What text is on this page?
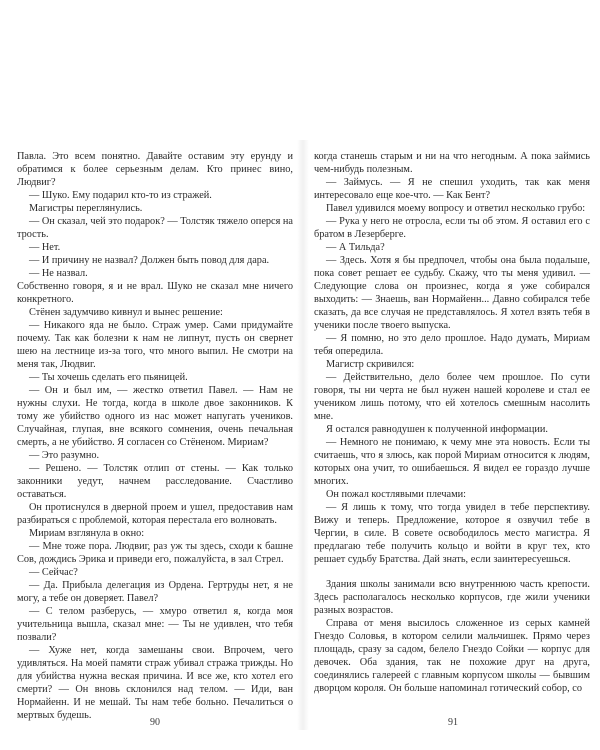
Павла. Это всем понятно. Давайте оставим эту ерунду и обратимся к более серьезным делам. Кто принес вино, Людвиг?

— Шуко. Ему подарил кто-то из стражей.

Магистры переглянулись.

— Он сказал, чей это подарок? — Толстяк тяжело оперся на трость.

— Нет.

— И причину не назвал? Должен быть повод для дара.

— Не назвал.

Собственно говоря, я и не врал. Шуко не сказал мне ничего конкретного.

Стёнен задумчиво кивнул и вынес решение:

— Никакого яда не было. Страж умер. Сами придумайте почему. Так как болезни к нам не липнут, пусть он свернет шею на лестнице из-за того, что много выпил. Не смотри на меня так, Людвиг.

— Ты хочешь сделать его пьяницей.

— Он и был им, — жестко ответил Павел. — Нам не нужны слухи. Не тогда, когда в школе двое законников. К тому же убийство одного из нас может напугать учеников. Случайная, глупая, вне всякого сомнения, очень печальная смерть, а не убийство. Я согласен со Стёненом. Мириам?

— Это разумно.

— Решено. — Толстяк отлип от стены. — Как только законники уедут, начнем расследование. Счастливо оставаться.

Он протиснулся в дверной проем и ушел, предоставив нам разбираться с проблемой, которая перестала его волновать.

Мириам взглянула в окно:

— Мне тоже пора. Людвиг, раз уж ты здесь, сходи к башне Сов, дождись Эрика и приведи его, пожалуйста, в зал Стрел.

— Сейчас?

— Да. Прибыла делегация из Ордена. Гертруды нет, я не могу, а тебе он доверяет. Павел?

— С телом разберусь, — хмуро ответил я, когда моя учительница вышла, сказал мне: — Ты не удивлен, что тебя позвали?

— Хуже нет, когда замешаны свои. Впрочем, чего удивляться. На моей памяти страж убивал стража трижды. Но для убийства нужна веская причина. И все же, кто хотел его смерти? — Он вновь склонился над телом. — Иди, ван Нормайенн. И не мешай. Ты нам тебе больно. Печалиться о мертвых будешь.

когда станешь старым и ни на что негодным. А пока займись чем-нибудь полезным.

— Займусь. — Я не спешил уходить, так как меня интересовало еще кое-что. — Как Бент?

Павел удивился моему вопросу и ответил несколько грубо:

— Рука у него не отросла, если ты об этом. Я оставил его с братом в Лезерберге.

— А Тильда?

— Здесь. Хотя я бы предпочел, чтобы она была подальше, пока совет решает ее судьбу. Скажу, что ты меня удивил. — Следующие слова он произнес, когда я уже собирался выходить: — Знаешь, ван Нормайенн... Давно собирался тебе сказать, да все случая не представлялось. Я хотел взять тебя в ученики после твоего выпуска.

— Я помню, но это дело прошлое. Надо думать, Мириам тебя опередила.

Магистр скривился:

— Действительно, дело более чем прошлое. По сути говоря, ты ни черта не был нужен нашей королеве и стал ее учеником лишь потому, что ей хотелось смешным насолить мне.

Я остался равнодушен к полученной информации.

— Немного не понимаю, к чему мне эта новость. Если ты считаешь, что я злюсь, как порой Мириам относится к людям, которых она учит, то ошибаешься. Я видел ее гораздо лучше многих.

Он пожал костлявыми плечами:

— Я лишь к тому, что тогда увидел в тебе перспективу. Вижу и теперь. Предложение, которое я озвучил тебе в Чергии, в силе. В совете освободилось место магистра. Я предлагаю тебе получить кольцо и войти в круг тех, кто решает судьбу Братства. Дай знать, если заинтересуешься.

Здания школы занимали всю внутреннюю часть крепости. Здесь располагалось несколько корпусов, где жили ученики разных возрастов.

Справа от меня высилось сложенное из серых камней Гнездо Соловья, в котором селили мальчишек. Прямо через площадь, сразу за садом, белело Гнездо Сойки — корпус для девочек. Оба здания, так не похожие друг на друга, соединялись галереей с главным корпусом школы — бывшим дворцом короля. Он больше напоминал готический собор, со

90	91
